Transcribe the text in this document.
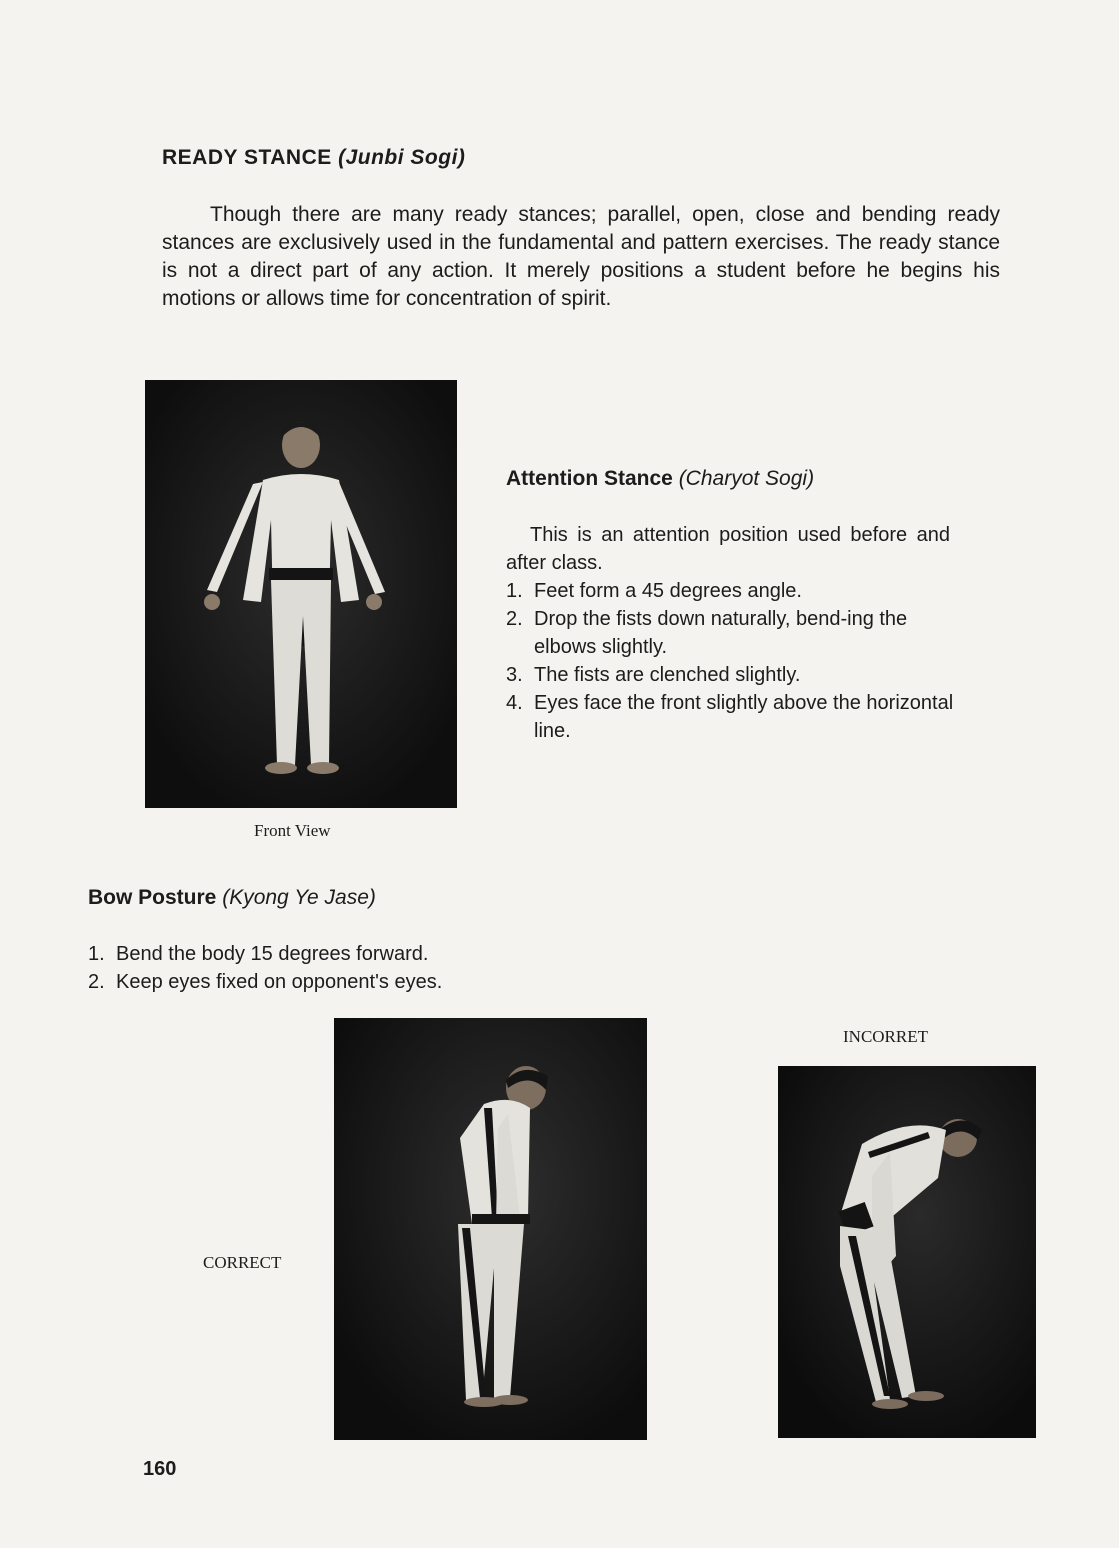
READY STANCE (Junbi Sogi)
Though there are many ready stances; parallel, open, close and bending ready stances are exclusively used in the fundamental and pattern exercises. The ready stance is not a direct part of any action. It merely positions a student before he begins his motions or allows time for concentration of spirit.
Front View
Attention Stance (Charyot Sogi)
This is an attention position used before and after class.
1. Feet form a 45 degrees angle.
2. Drop the fists down naturally, bend-ing the elbows slightly.
3. The fists are clenched slightly.
4. Eyes face the front slightly above the horizontal line.
Bow Posture (Kyong Ye Jase)
1. Bend the body 15 degrees forward.
2. Keep eyes fixed on opponent's eyes.
CORRECT
INCORRET
160
